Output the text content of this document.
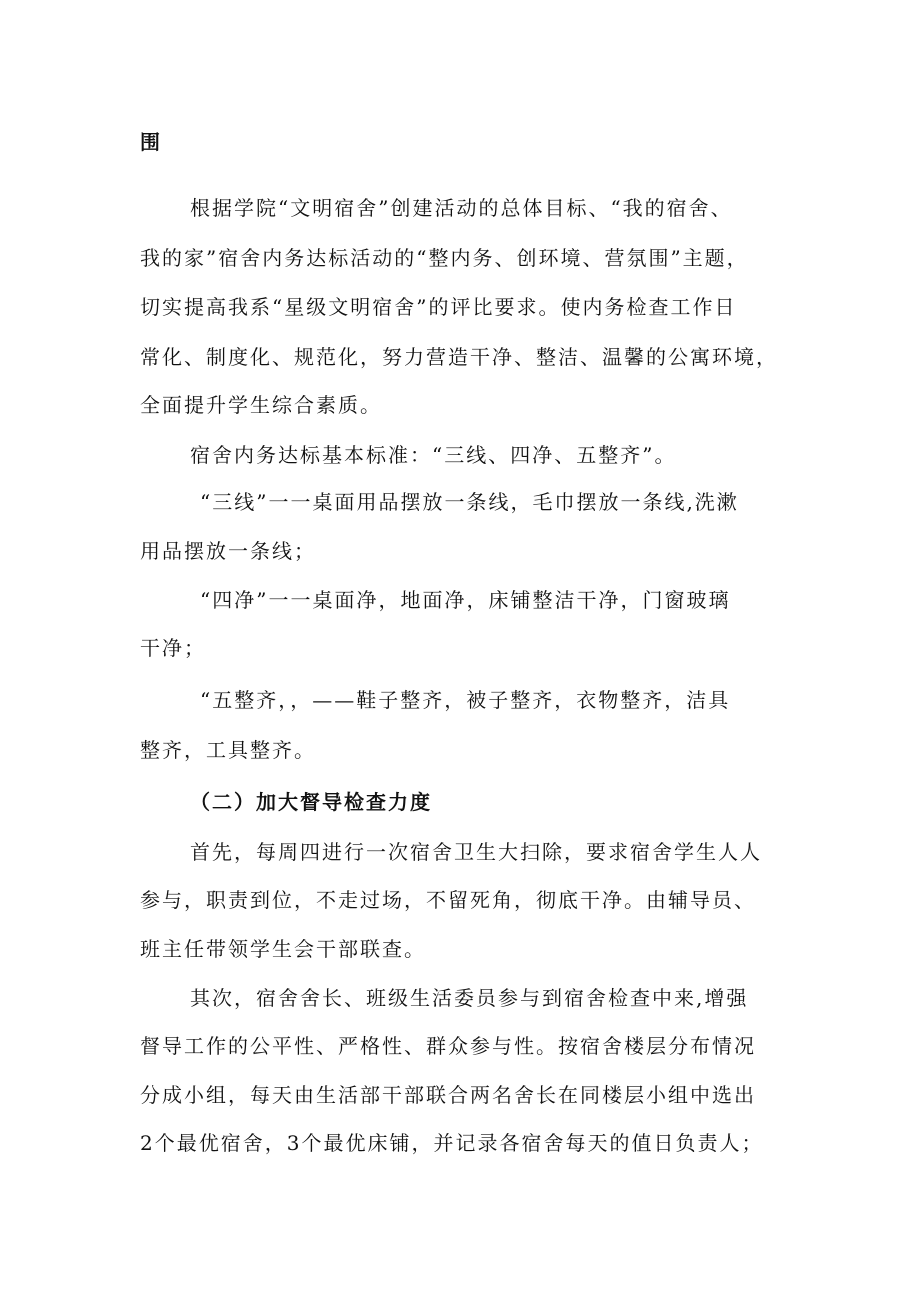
围
根据学院“文明宿舍”创建活动的总体目标、“我的宿舍、
我的家”宿舍内务达标活动的“整内务、创环境、营氛围”主题，
切实提高我系“星级文明宿舍”的评比要求。使内务检查工作日
常化、制度化、规范化，努力营造干净、整洁、温馨的公寓环境，
全面提升学生综合素质。
宿舍内务达标基本标准：“三线、四净、五整齐”。
“三线”一一桌面用品摆放一条线，毛巾摆放一条线,洗漱
用品摆放一条线；
“四净”一一桌面净，地面净，床铺整洁干净，门窗玻璃
干净；
“五整齐，，——鞋子整齐，被子整齐，衣物整齐，洁具
整齐，工具整齐。
（二）加大督导检查力度
首先，每周四进行一次宿舍卫生大扫除，要求宿舍学生人人
参与，职责到位，不走过场，不留死角，彻底干净。由辅导员、
班主任带领学生会干部联查。
其次，宿舍舍长、班级生活委员参与到宿舍检查中来,增强
督导工作的公平性、严格性、群众参与性。按宿舍楼层分布情况
分成小组，每天由生活部干部联合两名舍长在同楼层小组中选出
2个最优宿舍，3个最优床铺，并记录各宿舍每天的值日负责人；
